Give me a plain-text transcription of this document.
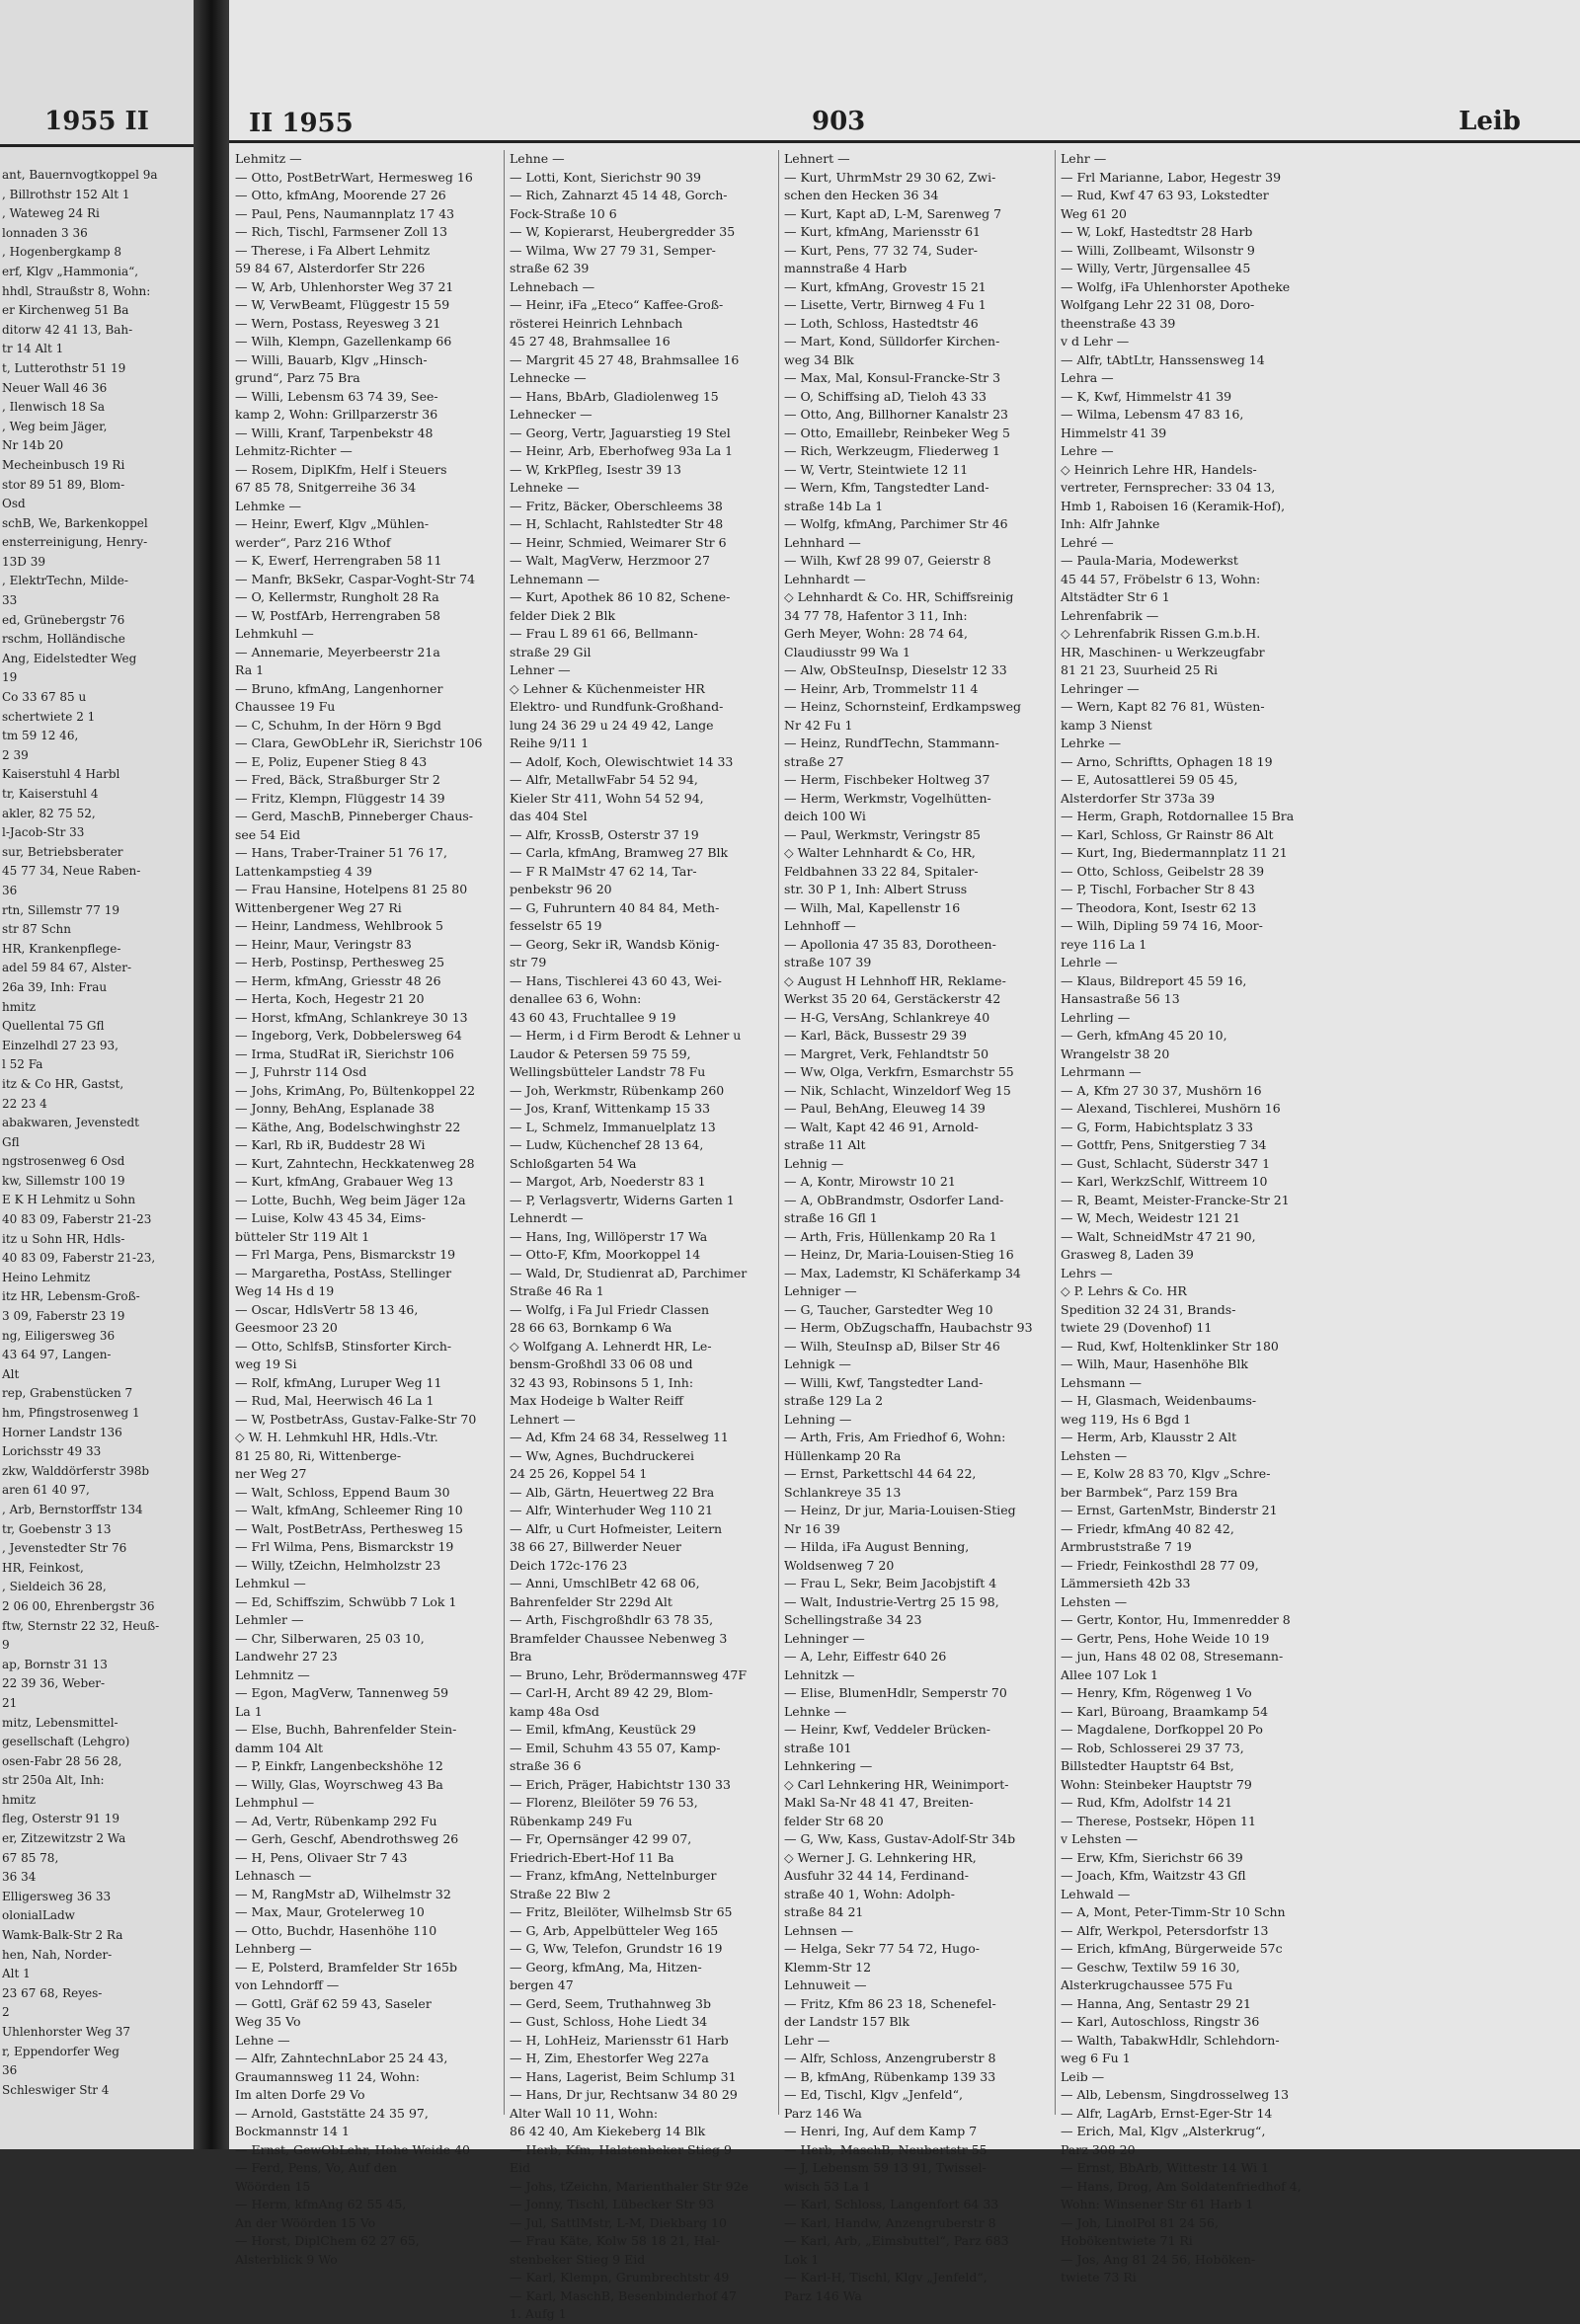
1955 II
ant, Bauernvogtkoppel 9a
, Billrothstr 152 Alt 1
, Wateweg 24 Ri
lonnaden 3 36
, Hogenbergkamp 8
erf, Klgv „Hammonia“,
hhdl, Straußstr 8, Wohn:
er Kirchenweg 51 Ba
ditorw 42 41 13, Bah-
tr 14 Alt 1
t, Lutterothstr 51 19
Neuer Wall 46 36
, Ilenwisch 18 Sa
, Weg beim Jäger,
Nr 14b 20
Mecheinbusch 19 Ri
stor 89 51 89, Blom-
Osd
schB, We, Barkenkoppel
ensterreinigung, Henry-
13D 39
, ElektrTechn, Milde-
33
ed, Grünebergstr 76
rschm, Holländische
Ang, Eidelstedter Weg
19
Co 33 67 85 u
schertwiete 2 1
tm 59 12 46,
2 39
Kaiserstuhl 4 Harbl
tr, Kaiserstuhl 4
akler, 82 75 52,
l-Jacob-Str 33
sur, Betriebsberater
45 77 34, Neue Raben-
36
rtn, Sillemstr 77 19
str 87 Schn
HR, Krankenpflege-
adel 59 84 67, Alster-
26a 39, Inh: Frau
hmitz
Quellental 75 Gfl
Einzelhdl 27 23 93,
l 52 Fa
itz & Co HR, Gastst,
22 23 4
abakwaren, Jevenstedt
Gfl
ngstrosenweg 6 Osd
kw, Sillemstr 100 19
E K H Lehmitz u Sohn
40 83 09, Faberstr 21-23
itz u Sohn HR, Hdls-
40 83 09, Faberstr 21-23,
Heino Lehmitz
itz HR, Lebensm-Groß-
3 09, Faberstr 23 19
ng, Eiligersweg 36
43 64 97, Langen-
Alt
rep, Grabenstücken 7
hm, Pfingstrosenweg 1
Horner Landstr 136
Lorichsstr 49 33
zkw, Walddörferstr 398b
aren 61 40 97,
, Arb, Bernstorffstr 134
tr, Goebenstr 3 13
, Jevenstedter Str 76
HR, Feinkost,
, Sieldeich 36 28,
2 06 00, Ehrenbergstr 36
ftw, Sternstr 22 32, Heuß-
9
ap, Bornstr 31 13
22 39 36, Weber-
21
mitz, Lebensmittel-
gesellschaft (Lehgro)
osen-Fabr 28 56 28,
str 250a Alt, Inh:
hmitz
fleg, Osterstr 91 19
er, Zitzewitzstr 2 Wa
67 85 78,
36 34
Elligersweg 36 33
olonialLadw
Wamk-Balk-Str 2 Ra
hen, Nah, Norder-
Alt 1
23 67 68, Reyes-
2
Uhlenhorster Weg 37
r, Eppendorfer Weg
36
Schleswiger Str 4
II 1955	903	Leib
Lehmitz —
— Otto, PostBetrWart, Hermesweg 16
— Otto, kfmAng, Moorende 27 26
— Paul, Pens, Naumannplatz 17 43
— Rich, Tischl, Farmsener Zoll 13
— Therese, i Fa Albert Lehmitz
59 84 67, Alsterdorfer Str 226
— W, Arb, Uhlenhorster Weg 37 21
— W, VerwBeamt, Flüggestr 15 59
— Wern, Postass, Reyesweg 3 21
— Wilh, Klempn, Gazellenkamp 66
— Willi, Bauarb, Klgv „Hinsch-
grund“, Parz 75 Bra
— Willi, Lebensm 63 74 39, See-
kamp 2, Wohn: Grillparzerstr 36
— Willi, Kranf, Tarpenbekstr 48
Lehmitz-Richter —
— Rosem, DiplKfm, Helf i Steuers
67 85 78, Snitgerreihe 36 34
Lehmke —
— Heinr, Ewerf, Klgv „Mühlen-
werder“, Parz 216 Wthof
— K, Ewerf, Herrengraben 58 11
— Manfr, BkSekr, Caspar-Voght-Str 74
— O, Kellermstr, Rungholt 28 Ra
— W, PostfArb, Herrengraben 58
Lehmkuhl —
— Annemarie, Meyerbeerstr 21a
Ra 1
— Bruno, kfmAng, Langenhorner
Chaussee 19 Fu
— C, Schuhm, In der Hörn 9 Bgd
— Clara, GewObLehr iR, Sierichstr 106
— E, Poliz, Eupener Stieg 8 43
— Fred, Bäck, Straßburger Str 2
— Fritz, Klempn, Flüggestr 14 39
— Gerd, MaschB, Pinneberger Chaus-
see 54 Eid
— Hans, Traber-Trainer 51 76 17,
Lattenkampstieg 4 39
— Frau Hansine, Hotelpens 81 25 80
Wittenbergener Weg 27 Ri
— Heinr, Landmess, Wehlbrook 5
— Heinr, Maur, Veringstr 83
— Herb, Postinsp, Perthesweg 25
— Herm, kfmAng, Griesstr 48 26
— Herta, Koch, Hegestr 21 20
— Horst, kfmAng, Schlankreye 30 13
— Ingeborg, Verk, Dobbelersweg 64
— Irma, StudRat iR, Sierichstr 106
— J, Fuhrstr 114 Osd
— Johs, KrimAng, Po, Bültenkoppel 22
— Jonny, BehAng, Esplanade 38
— Käthe, Ang, Bodelschwinghstr 22
— Karl, Rb iR, Buddestr 28 Wi
— Kurt, Zahntechn, Heckkatenweg 28
— Kurt, kfmAng, Grabauer Weg 13
— Lotte, Buchh, Weg beim Jäger 12a
— Luise, Kolw 43 45 34, Eims-
bütteler Str 119 Alt 1
— Frl Marga, Pens, Bismarckstr 19
— Margaretha, PostAss, Stellinger
Weg 14 Hs d 19
— Oscar, HdlsVertr 58 13 46,
Geesmoor 23 20
— Otto, SchlfsB, Stinsforter Kirch-
weg 19 Si
— Rolf, kfmAng, Luruper Weg 11
— Rud, Mal, Heerwisch 46 La 1
— W, PostbetrAss, Gustav-Falke-Str 70
◇ W. H. Lehmkuhl HR, Hdls.-Vtr.
81 25 80, Ri, Wittenberge-
ner Weg 27
— Walt, Schloss, Eppend Baum 30
— Walt, kfmAng, Schleemer Ring 10
— Walt, PostBetrAss, Perthesweg 15
— Frl Wilma, Pens, Bismarckstr 19
— Willy, tZeichn, Helmholzstr 23
Lehmkul —
— Ed, Schiffszim, Schwübb 7 Lok 1
Lehmler —
— Chr, Silberwaren, 25 03 10,
Landwehr 27 23
Lehmnitz —
— Egon, MagVerw, Tannenweg 59
La 1
— Else, Buchh, Bahrenfelder Stein-
damm 104 Alt
— P, Einkfr, Langenbeckshöhe 12
— Willy, Glas, Woyrschweg 43 Ba
Lehmphul —
— Ad, Vertr, Rübenkamp 292 Fu
— Gerh, Geschf, Abendrothsweg 26
— H, Pens, Olivaer Str 7 43
Lehnasch —
— M, RangMstr aD, Wilhelmstr 32
— Max, Maur, Grotelerweg 10
— Otto, Buchdr, Hasenhöhe 110
Lehnberg —
— E, Polsterd, Bramfelder Str 165b
von Lehndorff —
— Gottl, Gräf 62 59 43, Saseler
Weg 35 Vo
Lehne —
— Alfr, ZahntechnLabor 25 24 43,
Graumannsweg 11 24, Wohn:
Im alten Dorfe 29 Vo
— Arnold, Gaststätte 24 35 97,
Bockmannstr 14 1
— Ernst, GewObLehr, Hohe Weide 40
— Ferd, Pens, Vo, Auf den
Wöörden 15
— Herm, kfmAng 62 55 45,
An der Wöörden 15 Vo
— Horst, DiplChem 62 27 65,
Alsterblick 9 Wo
Lehne —
— Lotti, Kont, Sierichstr 90 39
— Rich, Zahnarzt 45 14 48, Gorch-
Fock-Straße 10 6
— W, Kopierarst, Heubergredder 35
— Wilma, Ww 27 79 31, Semper-
straße 62 39
Lehnebach —
— Heinr, iFa „Eteco“ Kaffee-Groß-
rösterei Heinrich Lehnbach
45 27 48, Brahmsallee 16
— Margrit 45 27 48, Brahmsallee 16
Lehnecke —
— Hans, BbArb, Gladiolenweg 15
Lehnecker —
— Georg, Vertr, Jaguarstieg 19 Stel
— Heinr, Arb, Eberhofweg 93a La 1
— W, KrkPfleg, Isestr 39 13
Lehneke —
— Fritz, Bäcker, Oberschleems 38
— H, Schlacht, Rahlstedter Str 48
— Heinr, Schmied, Weimarer Str 6
— Walt, MagVerw, Herzmoor 27
Lehnemann —
— Kurt, Apothek 86 10 82, Schene-
felder Diek 2 Blk
— Frau L 89 61 66, Bellmann-
straße 29 Gil
Lehner —
◇ Lehner & Küchenmeister HR
Elektro- und Rundfunk-Großhand-
lung 24 36 29 u 24 49 42, Lange
Reihe 9/11 1
— Adolf, Koch, Olewischtwiet 14 33
— Alfr, MetallwFabr 54 52 94,
Kieler Str 411, Wohn 54 52 94,
das 404 Stel
— Alfr, KrossB, Osterstr 37 19
— Carla, kfmAng, Bramweg 27 Blk
— F R MalMstr 47 62 14, Tar-
penbekstr 96 20
— G, Fuhruntern 40 84 84, Meth-
fesselstr 65 19
— Georg, Sekr iR, Wandsb König-
str 79
— Hans, Tischlerei 43 60 43, Wei-
denallee 63 6, Wohn:
43 60 43, Fruchtallee 9 19
— Herm, i d Firm Berodt & Lehner u
Laudor & Petersen 59 75 59,
Wellingsbütteler Landstr 78 Fu
— Joh, Werkmstr, Rübenkamp 260
— Jos, Kranf, Wittenkamp 15 33
— L, Schmelz, Immanuelplatz 13
— Ludw, Küchenchef 28 13 64,
Schloßgarten 54 Wa
— Margot, Arb, Noederstr 83 1
— P, Verlagsvertr, Widerns Garten 1
Lehnerdt —
— Hans, Ing, Willöperstr 17 Wa
— Otto-F, Kfm, Moorkoppel 14
— Wald, Dr, Studienrat aD, Parchimer
Straße 46 Ra 1
— Wolfg, i Fa Jul Friedr Classen
28 66 63, Bornkamp 6 Wa
◇ Wolfgang A. Lehnerdt HR, Le-
bensm-Großhdl 33 06 08 und
32 43 93, Robinsons 5 1, Inh:
Max Hodeige b Walter Reiff
Lehnert —
— Ad, Kfm 24 68 34, Resselweg 11
— Ww, Agnes, Buchdruckerei
24 25 26, Koppel 54 1
— Alb, Gärtn, Heuertweg 22 Bra
— Alfr, Winterhuder Weg 110 21
— Alfr, u Curt Hofmeister, Leitern
38 66 27, Billwerder Neuer
Deich 172c-176 23
— Anni, UmschlBetr 42 68 06,
Bahrenfelder Str 229d Alt
— Arth, Fischgroßhdlr 63 78 35,
Bramfelder Chaussee Nebenweg 3
Bra
— Bruno, Lehr, Brödermannsweg 47F
— Carl-H, Archt 89 42 29, Blom-
kamp 48a Osd
— Emil, kfmAng, Keustück 29
— Emil, Schuhm 43 55 07, Kamp-
straße 36 6
— Erich, Präger, Habichtstr 130 33
— Florenz, Bleilöter 59 76 53,
Rübenkamp 249 Fu
— Fr, Opernsänger 42 99 07,
Friedrich-Ebert-Hof 11 Ba
— Franz, kfmAng, Nettelnburger
Straße 22 Blw 2
— Fritz, Bleilöter, Wilhelmsb Str 65
— G, Arb, Appelbütteler Weg 165
— G, Ww, Telefon, Grundstr 16 19
— Georg, kfmAng, Ma, Hitzen-
bergen 47
— Gerd, Seem, Truthahnweg 3b
— Gust, Schloss, Hohe Liedt 34
— H, LohHeiz, Mariensstr 61 Harb
— H, Zim, Ehestorfer Weg 227a
— Hans, Lagerist, Beim Schlump 31
— Hans, Dr jur, Rechtsanw 34 80 29
Alter Wall 10 11, Wohn:
86 42 40, Am Kiekeberg 14 Blk
— Herb, Kfm, Halstenbeker Stieg 9
Eid
— Johs, tZeichn, Marienthaler Str 92e
— Jonny, Tischl, Lübecker Str 93
— Jul, SattlMstr, L-M, Diekbarg 10
— Frau Käte, Kolw 58 18 21, Hal-
stenbeker Stieg 9 Eid
— Karl, Klempn, Grumbrechtstr 49
— Karl, MaschB, Besenbinderhof 47
1. Aufg 1
Lehnert —
— Kurt, UhrmMstr 29 30 62, Zwi-
schen den Hecken 36 34
— Kurt, Kapt aD, L-M, Sarenweg 7
— Kurt, kfmAng, Mariensstr 61
— Kurt, Pens, 77 32 74, Suder-
mannstraße 4 Harb
— Kurt, kfmAng, Grovestr 15 21
— Lisette, Vertr, Birnweg 4 Fu 1
— Loth, Schloss, Hastedtstr 46
— Mart, Kond, Sülldorfer Kirchen-
weg 34 Blk
— Max, Mal, Konsul-Francke-Str 3
— O, Schiffsing aD, Tieloh 43 33
— Otto, Ang, Billhorner Kanalstr 23
— Otto, Emaillebr, Reinbeker Weg 5
— Rich, Werkzeugm, Fliederweg 1
— W, Vertr, Steintwiete 12 11
— Wern, Kfm, Tangstedter Land-
straße 14b La 1
— Wolfg, kfmAng, Parchimer Str 46
Lehnhard —
— Wilh, Kwf 28 99 07, Geierstr 8
Lehnhardt —
◇ Lehnhardt & Co. HR, Schiffsreinig
34 77 78, Hafentor 3 11, Inh:
Gerh Meyer, Wohn: 28 74 64,
Claudiusstr 99 Wa 1
— Alw, ObSteuInsp, Dieselstr 12 33
— Heinr, Arb, Trommelstr 11 4
— Heinz, Schornsteinf, Erdkampsweg
Nr 42 Fu 1
— Heinz, RundfTechn, Stammann-
straße 27
— Herm, Fischbeker Holtweg 37
— Herm, Werkmstr, Vogelhütten-
deich 100 Wi
— Paul, Werkmstr, Veringstr 85
◇ Walter Lehnhardt & Co, HR,
Feldbahnen 33 22 84, Spitaler-
str. 30 P 1, Inh: Albert Struss
— Wilh, Mal, Kapellenstr 16
Lehnhoff —
— Apollonia 47 35 83, Dorotheen-
straße 107 39
◇ August H Lehnhoff HR, Reklame-
Werkst 35 20 64, Gerstäckerstr 42
— H-G, VersAng, Schlankreye 40
— Karl, Bäck, Bussestr 29 39
— Margret, Verk, Fehlandtstr 50
— Ww, Olga, Verkfrn, Esmarchstr 55
— Nik, Schlacht, Winzeldorf Weg 15
— Paul, BehAng, Eleuweg 14 39
— Walt, Kapt 42 46 91, Arnold-
straße 11 Alt
Lehnig —
— A, Kontr, Mirowstr 10 21
— A, ObBrandmstr, Osdorfer Land-
straße 16 Gfl 1
— Arth, Fris, Hüllenkamp 20 Ra 1
— Heinz, Dr, Maria-Louisen-Stieg 16
— Max, Lademstr, Kl Schäferkamp 34
Lehniger —
— G, Taucher, Garstedter Weg 10
— Herm, ObZugschaffn, Haubachstr 93
— Wilh, SteuInsp aD, Bilser Str 46
Lehnigk —
— Willi, Kwf, Tangstedter Land-
straße 129 La 2
Lehning —
— Arth, Fris, Am Friedhof 6, Wohn:
Hüllenkamp 20 Ra
— Ernst, Parkettschl 44 64 22,
Schlankreye 35 13
— Heinz, Dr jur, Maria-Louisen-Stieg
Nr 16 39
— Hilda, iFa August Benning,
Woldsenweg 7 20
— Frau L, Sekr, Beim Jacobjstift 4
— Walt, Industrie-Vertrg 25 15 98,
Schellingstraße 34 23
Lehninger —
— A, Lehr, Eiffestr 640 26
Lehnitzk —
— Elise, BlumenHdlr, Semperstr 70
Lehnke —
— Heinr, Kwf, Veddeler Brücken-
straße 101
Lehnkering —
◇ Carl Lehnkering HR, Weinimport-
Makl Sa-Nr 48 41 47, Breiten-
felder Str 68 20
— G, Ww, Kass, Gustav-Adolf-Str 34b
◇ Werner J. G. Lehnkering HR,
Ausfuhr 32 44 14, Ferdinand-
straße 40 1, Wohn: Adolph-
straße 84 21
Lehnsen —
— Helga, Sekr 77 54 72, Hugo-
Klemm-Str 12
Lehnuweit —
— Fritz, Kfm 86 23 18, Schenefel-
der Landstr 157 Blk
Lehr —
— Alfr, Schloss, Anzengruberstr 8
— B, kfmAng, Rübenkamp 139 33
— Ed, Tischl, Klgv „Jenfeld“,
Parz 146 Wa
— Henri, Ing, Auf dem Kamp 7
— Herb, MaschB, Neubertstr 55
— J, Lebensm 59 13 91, Twissel-
wisch 53 La 1
— Karl, Schloss, Langenfort 64 33
— Karl, Handw, Anzengruberstr 8
— Karl, Arb, „Eimsbuttel“, Parz 683
Lok 1
— Karl-H, Tischl, Klgv „Jenfeld“,
Parz 146 Wa
Lehr —
— Frl Marianne, Labor, Hegestr 39
— Rud, Kwf 47 63 93, Lokstedter
Weg 61 20
— W, Lokf, Hastedtstr 28 Harb
— Willi, Zollbeamt, Wilsonstr 9
— Willy, Vertr, Jürgensallee 45
— Wolfg, iFa Uhlenhorster Apotheke
Wolfgang Lehr 22 31 08, Doro-
theenstraße 43 39
v d Lehr —
— Alfr, tAbtLtr, Hanssensweg 14
Lehra —
— K, Kwf, Himmelstr 41 39
— Wilma, Lebensm 47 83 16,
Himmelstr 41 39
Lehre —
◇ Heinrich Lehre HR, Handels-
vertreter, Fernsprecher: 33 04 13,
Hmb 1, Raboisen 16 (Keramik-Hof),
Inh: Alfr Jahnke
Lehré —
— Paula-Maria, Modewerkst
45 44 57, Fröbelstr 6 13, Wohn:
Altstädter Str 6 1
Lehrenfabrik —
◇ Lehrenfabrik Rissen G.m.b.H.
HR, Maschinen- u Werkzeugfabr
81 21 23, Suurheid 25 Ri
Lehringer —
— Wern, Kapt 82 76 81, Wüsten-
kamp 3 Nienst
Lehrke —
— Arno, Schriftts, Ophagen 18 19
— E, Autosattlerei 59 05 45,
Alsterdorfer Str 373a 39
— Herm, Graph, Rotdornallee 15 Bra
— Karl, Schloss, Gr Rainstr 86 Alt
— Kurt, Ing, Biedermannplatz 11 21
— Otto, Schloss, Geibelstr 28 39
— P, Tischl, Forbacher Str 8 43
— Theodora, Kont, Isestr 62 13
— Wilh, Dipling 59 74 16, Moor-
reye 116 La 1
Lehrle —
— Klaus, Bildreport 45 59 16,
Hansastraße 56 13
Lehrling —
— Gerh, kfmAng 45 20 10,
Wrangelstr 38 20
Lehrmann —
— A, Kfm 27 30 37, Mushörn 16
— Alexand, Tischlerei, Mushörn 16
— G, Form, Habichtsplatz 3 33
— Gottfr, Pens, Snitgerstieg 7 34
— Gust, Schlacht, Süderstr 347 1
— Karl, WerkzSchlf, Wittreem 10
— R, Beamt, Meister-Francke-Str 21
— W, Mech, Weidestr 121 21
— Walt, SchneidMstr 47 21 90,
Grasweg 8, Laden 39
Lehrs —
◇ P. Lehrs & Co. HR
Spedition 32 24 31, Brands-
twiete 29 (Dovenhof) 11
— Rud, Kwf, Holtenklinker Str 180
— Wilh, Maur, Hasenhöhe Blk
Lehsmann —
— H, Glasmach, Weidenbaums-
weg 119, Hs 6 Bgd 1
— Herm, Arb, Klausstr 2 Alt
Lehsten —
— E, Kolw 28 83 70, Klgv „Schre-
ber Barmbek“, Parz 159 Bra
— Ernst, GartenMstr, Binderstr 21
— Friedr, kfmAng 40 82 42,
Armbruststraße 7 19
— Friedr, Feinkosthdl 28 77 09,
Lämmersieth 42b 33
Lehsten —
— Gertr, Kontor, Hu, Immenredder 8
— Gertr, Pens, Hohe Weide 10 19
— jun, Hans 48 02 08, Stresemann-
Allee 107 Lok 1
— Henry, Kfm, Rögenweg 1 Vo
— Karl, Büroang, Braamkamp 54
— Magdalene, Dorfkoppel 20 Po
— Rob, Schlosserei 29 37 73,
Billstedter Hauptstr 64 Bst,
Wohn: Steinbeker Hauptstr 79
— Rud, Kfm, Adolfstr 14 21
— Therese, Postsekr, Höpen 11
v Lehsten —
— Erw, Kfm, Sierichstr 66 39
— Joach, Kfm, Waitzstr 43 Gfl
Lehwald —
— A, Mont, Peter-Timm-Str 10 Schn
— Alfr, Werkpol, Petersdorfstr 13
— Erich, kfmAng, Bürgerweide 57c
— Geschw, Textilw 59 16 30,
Alsterkrugchaussee 575 Fu
— Hanna, Ang, Sentastr 29 21
— Karl, Autoschloss, Ringstr 36
— Walth, TabakwHdlr, Schlehdorn-
weg 6 Fu 1
Leib —
— Alb, Lebensm, Singdrosselweg 13
— Alfr, LagArb, Ernst-Eger-Str 14
— Erich, Mal, Klgv „Alsterkrug“,
Parz 308 20
— Ernst, BbArb, Wittestr 14 Wi 1
— Hans, Drog, Am Soldatenfriedhof 4,
Wohn: Winsener Str 61 Harb 1
— Joh, LinolPol 81 24 56,
Hobökentwiete 71 Ri
— Jos, Ang 81 24 56, Hoböken-
twiete 73 Ri
